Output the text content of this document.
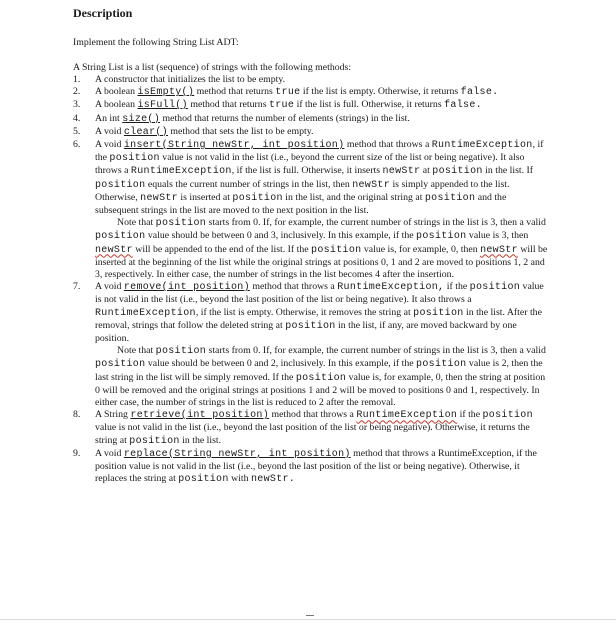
Description
Implement the following String List ADT:
A String List is a list (sequence) of strings with the following methods:
1. A constructor that initializes the list to be empty.
2. A boolean isEmpty() method that returns true if the list is empty. Otherwise, it returns false.
3. A boolean isFull() method that returns true if the list is full. Otherwise, it returns false.
4. An int size() method that returns the number of elements (strings) in the list.
5. A void clear() method that sets the list to be empty.
6. A void insert(String newStr, int position) method that throws a RuntimeException, if the position value is not valid in the list (i.e., beyond the current size of the list or being negative). It also throws a RuntimeException, if the list is full. Otherwise, it inserts newStr at position in the list. If position equals the current number of strings in the list, then newStr is simply appended to the list. Otherwise, newStr is inserted at position in the list, and the original string at position and the subsequent strings in the list are moved to the next position in the list.
Note that position starts from 0. If, for example, the current number of strings in the list is 3, then a valid position value should be between 0 and 3, inclusively. In this example, if the position value is 3, then newStr will be appended to the end of the list. If the position value is, for example, 0, then newStr will be inserted at the beginning of the list while the original strings at positions 0, 1 and 2 are moved to positions 1, 2 and 3, respectively. In either case, the number of strings in the list becomes 4 after the insertion.
7. A void remove(int position) method that throws a RuntimeException, if the position value is not valid in the list (i.e., beyond the last position of the list or being negative). It also throws a RuntimeException, if the list is empty. Otherwise, it removes the string at position in the list. After the removal, strings that follow the deleted string at position in the list, if any, are moved backward by one position.
Note that position starts from 0. If, for example, the current number of strings in the list is 3, then a valid position value should be between 0 and 2, inclusively. In this example, if the position value is 2, then the last string in the list will be simply removed. If the position value is, for example, 0, then the string at position 0 will be removed and the original strings at positions 1 and 2 will be moved to positions 0 and 1, respectively. In either case, the number of strings in the list is reduced to 2 after the removal.
8. A String retrieve(int position) method that throws a RuntimeException if the position value is not valid in the list (i.e., beyond the last position of the list or being negative). Otherwise, it returns the string at position in the list.
9. A void replace(String newStr, int position) method that throws a RuntimeException, if the position value is not valid in the list (i.e., beyond the last position of the list or being negative). Otherwise, it replaces the string at position with newStr.
